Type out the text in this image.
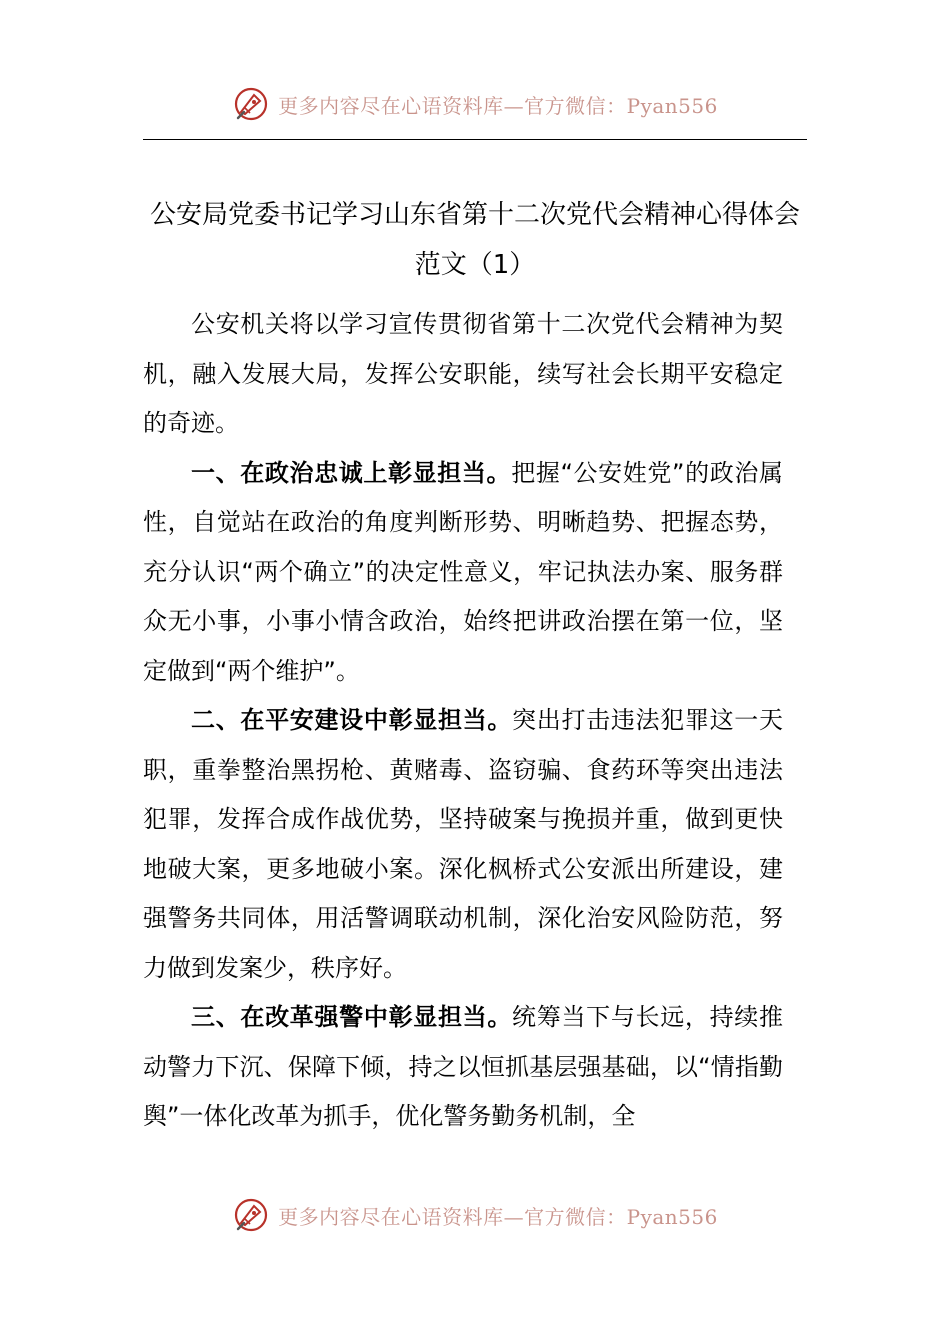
更多内容尽在心语资料库—官方微信：Pyan556
公安局党委书记学习山东省第十二次党代会精神心得体会
范文（1）

公安机关将以学习宣传贯彻省第十二次党代会精神为契机，融入发展大局，发挥公安职能，续写社会长期平安稳定的奇迹。

一、在政治忠诚上彰显担当。把握“公安姓党”的政治属性，自觉站在政治的角度判断形势、明晰趋势、把握态势，充分认识“两个确立”的决定性意义，牢记执法办案、服务群众无小事，小事小情含政治，始终把讲政治摆在第一位，坚定做到“两个维护”。

二、在平安建设中彰显担当。突出打击违法犯罪这一天职，重拳整治黑拐枪、黄赌毒、盗窃骗、食药环等突出违法犯罪，发挥合成作战优势，坚持破案与挽损并重，做到更快地破大案，更多地破小案。深化枫桥式公安派出所建设，建强警务共同体，用活警调联动机制，深化治安风险防范，努力做到发案少，秩序好。

三、在改革强警中彰显担当。统筹当下与长远，持续推动警力下沉、保障下倾，持之以恒抓基层强基础，以“情指勤舆”一体化改革为抓手，优化警务勤务机制，全

更多内容尽在心语资料库—官方微信：Pyan556
